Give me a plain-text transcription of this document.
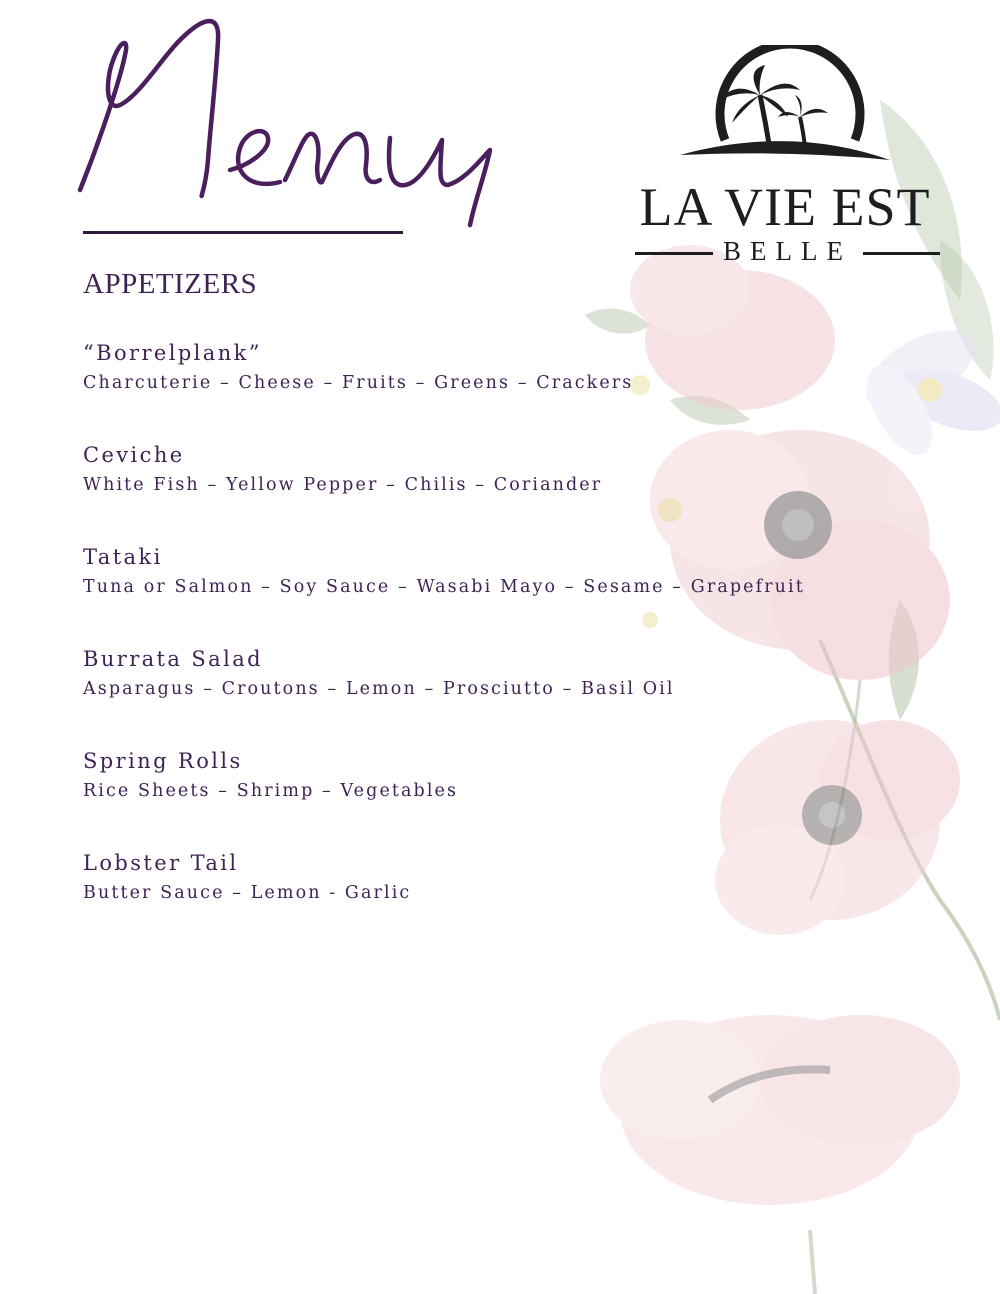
LA VIE EST
BELLE
APPETIZERS
“Borrelplank”
Charcuterie – Cheese – Fruits – Greens – Crackers
Ceviche
White Fish – Yellow Pepper – Chilis – Coriander
Tataki
Tuna or Salmon – Soy Sauce – Wasabi Mayo – Sesame – Grapefruit
Burrata Salad
Asparagus – Croutons – Lemon – Prosciutto – Basil Oil
Spring Rolls
Rice Sheets – Shrimp – Vegetables
Lobster Tail
Butter Sauce – Lemon - Garlic
